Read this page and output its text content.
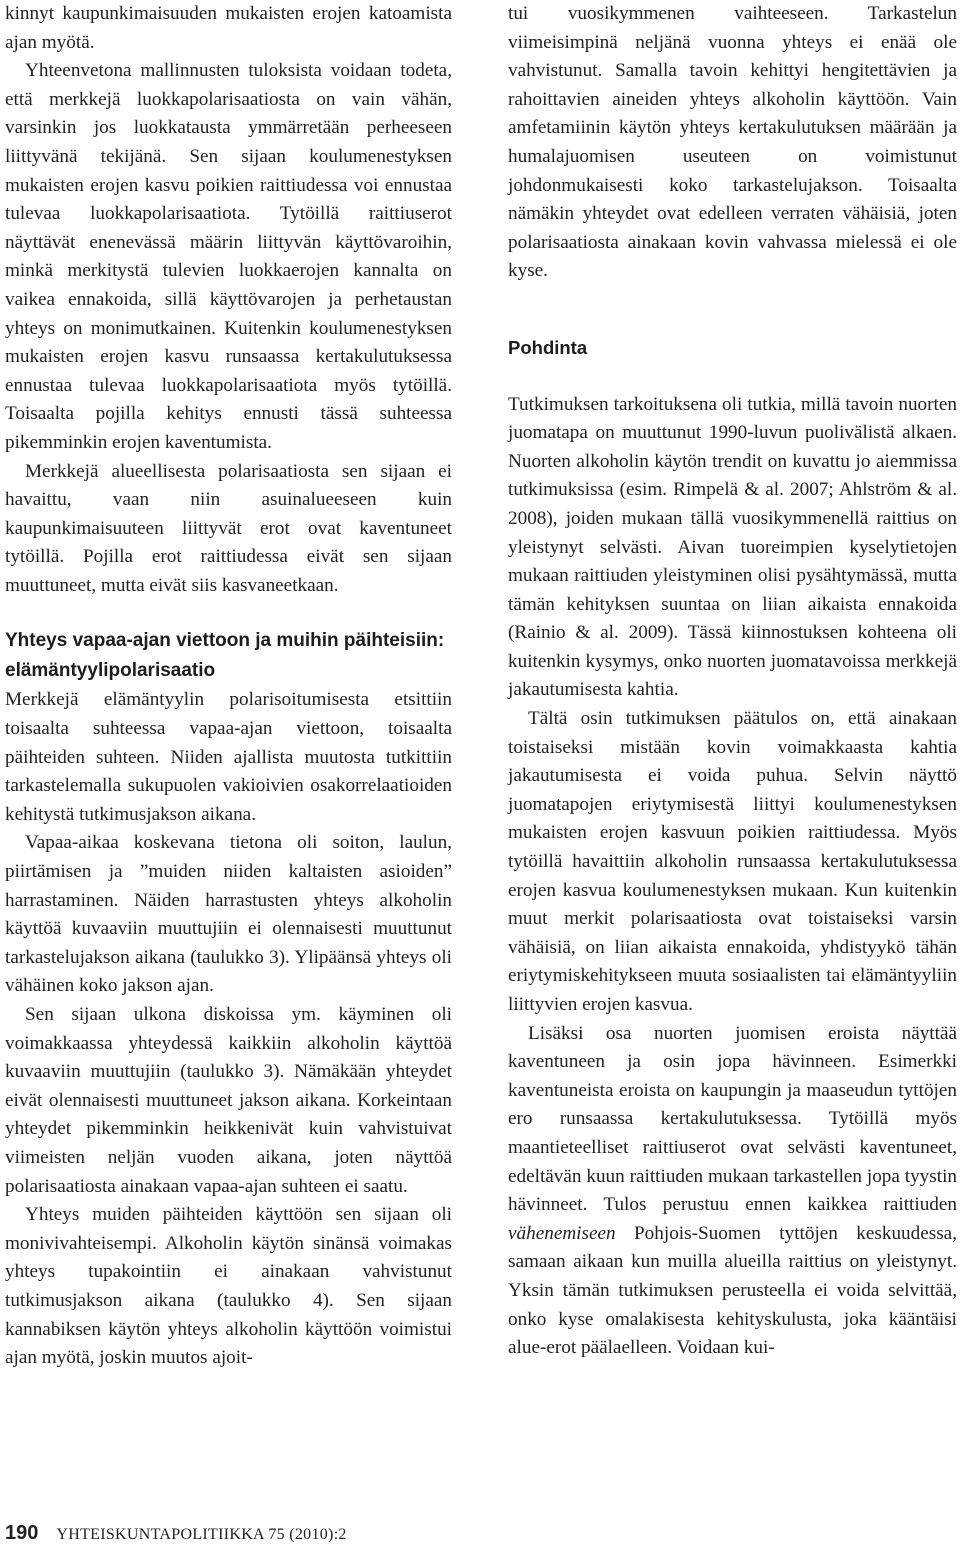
kinnyt kaupunkimaisuuden mukaisten erojen katoamista ajan myötä.

Yhteenvetona mallinnusten tuloksista voidaan todeta, että merkkejä luokkapolarisaatiosta on vain vähän, varsinkin jos luokkatausta ymmärretään perheeseen liittyvänä tekijänä. Sen sijaan koulumenestyksen mukaisten erojen kasvu poikien raittiudessa voi ennustaa tulevaa luokkapolarisaatiota. Tytöillä raittiuserot näyttävät enenevässä määrin liittyvän käyttövaroihin, minkä merkitystä tulevien luokkaerojen kannalta on vaikea ennakoida, sillä käyttövarojen ja perhetaustan yhteys on monimutkainen. Kuitenkin koulumenestyksen mukaisten erojen kasvu runsaassa kertakulutuksessa ennustaa tulevaa luokkapolarisaatiota myös tytöillä. Toisaalta pojilla kehitys ennusti tässä suhteessa pikemminkin erojen kaventumista.

Merkkejä alueellisesta polarisaatiosta sen sijaan ei havaittu, vaan niin asuinalueeseen kuin kaupunkimaisuuteen liittyvät erot ovat kaventuneet tytöillä. Pojilla erot raittiudessa eivät sen sijaan muuttuneet, mutta eivät siis kasvaneetkaan.

Yhteys vapaa-ajan viettoon ja muihin päihteisiin: elämäntyylipolarisaatio

Merkkejä elämäntyylin polarisoitumisesta etsittiin toisaalta suhteessa vapaa-ajan viettoon, toisaalta päihteiden suhteen. Niiden ajallista muutosta tutkittiin tarkastelemalla sukupuolen vakioivien osakorrelaatioiden kehitystä tutkimusjakson aikana.

Vapaa-aikaa koskevana tietona oli soiton, laulun, piirtämisen ja ”muiden niiden kaltaisten asioiden” harrastaminen. Näiden harrastusten yhteys alkoholin käyttöä kuvaaviin muuttujiin ei olennaisesti muuttunut tarkastelujakson aikana (taulukko 3). Ylipäänsä yhteys oli vähäinen koko jakson ajan.

Sen sijaan ulkona diskoissa ym. käyminen oli voimakkaassa yhteydessä kaikkiin alkoholin käyttöä kuvaaviin muuttujiin (taulukko 3). Nämäkään yhteydet eivät olennaisesti muuttuneet jakson aikana. Korkeintaan yhteydet pikemminkin heikkenivät kuin vahvistuivat viimeisten neljän vuoden aikana, joten näyttöä polarisaatiosta ainakaan vapaa-ajan suhteen ei saatu.

Yhteys muiden päihteiden käyttöön sen sijaan oli monivivahteisempi. Alkoholin käytön sinänsä voimakas yhteys tupakointiin ei ainakaan vahvistunut tutkimusjakson aikana (taulukko 4). Sen sijaan kannabiksen käytön yhteys alkoholin käyttöön voimistui ajan myötä, joskin muutos ajoit-

tui vuosikymmenen vaihteeseen. Tarkastelun viimeisimpinä neljänä vuonna yhteys ei enää ole vahvistunut. Samalla tavoin kehittyi hengitettävien ja rahoittavien aineiden yhteys alkoholin käyttöön. Vain amfetamiinin käytön yhteys kertakulutuksen määrään ja humalajuomisen useuteen on voimistunut johdonmukaisesti koko tarkastelujakson. Toisaalta nämäkin yhteydet ovat edelleen verraten vähäisiä, joten polarisaatiosta ainakaan kovin vahvassa mielessä ei ole kyse.

Pohdinta

Tutkimuksen tarkoituksena oli tutkia, millä tavoin nuorten juomatapa on muuttunut 1990-luvun puolivälistä alkaen. Nuorten alkoholin käytön trendit on kuvattu jo aiemmissa tutkimuksissa (esim. Rimpelä & al. 2007; Ahlström & al. 2008), joiden mukaan tällä vuosikymmenellä raittius on yleistynyt selvästi. Aivan tuoreimpien kyselytietojen mukaan raittiuden yleistyminen olisi pysähtymässä, mutta tämän kehityksen suuntaa on liian aikaista ennakoida (Rainio & al. 2009). Tässä kiinnostuksen kohteena oli kuitenkin kysymys, onko nuorten juomatavoissa merkkejä jakautumisesta kahtia.

Tältä osin tutkimuksen päätulos on, että ainakaan toistaiseksi mistään kovin voimakkaasta kahtia jakautumisesta ei voida puhua. Selvin näyttö juomatapojen eriytymisestä liittyi koulumenestyksen mukaisten erojen kasvuun poikien raittiudessa. Myös tytöillä havaittiin alkoholin runsaassa kertakulutuksessa erojen kasvua koulumenestyksen mukaan. Kun kuitenkin muut merkit polarisaatiosta ovat toistaiseksi varsin vähäisiä, on liian aikaista ennakoida, yhdistyykö tähän eriytymiskehitykseen muuta sosiaalisten tai elämäntyyliin liittyvien erojen kasvua.

Lisäksi osa nuorten juomisen eroista näyttää kaventuneen ja osin jopa hävinneen. Esimerkki kaventuneista eroista on kaupungin ja maaseudun tyttöjen ero runsaassa kertakulutuksessa. Tytöillä myös maantieteelliset raittiuserot ovat selvästi kaventuneet, edeltävän kuun raittiuden mukaan tarkastellen jopa tyystin hävinneet. Tulos perustuu ennen kaikkea raittiuden vähenemiseen Pohjois-Suomen tyttöjen keskuudessa, samaan aikaan kun muilla alueilla raittius on yleistynyt. Yksin tämän tutkimuksen perusteella ei voida selvittää, onko kyse omalakisesta kehityskulusta, joka kääntäisi alue-erot päälaelleen. Voidaan kui-

190 YHTEISKUNTAPOLITIIKKA 75 (2010):2
